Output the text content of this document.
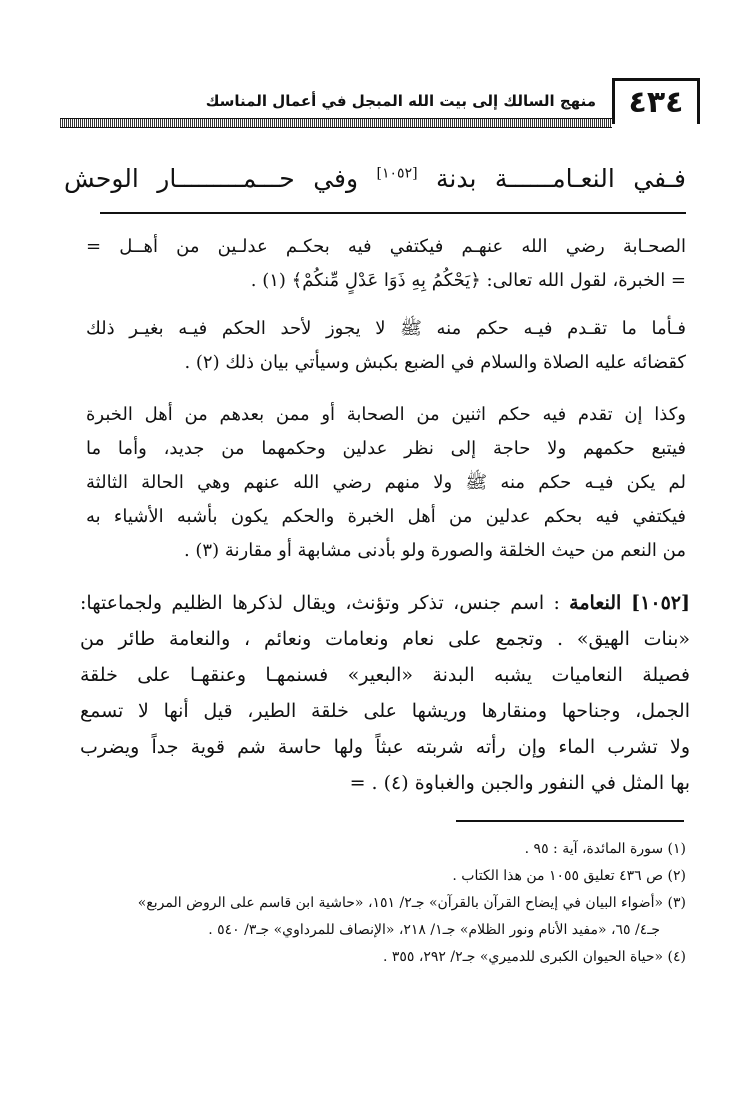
٤٣٤
منهج السالك إلى بيت الله المبجل في أعمال المناسك
فـفي النعـامــــــة بدنة [١٠٥٢] وفي حـــمـــــــــار الوحش
الصحـابة رضي الله عنهـم فيكتفي فيه بحكـم عدلـين من أهــل =
= الخبرة، لقول الله تعالى: ﴿يَحْكُمُ بِهِ ذَوَا عَدْلٍ مِّنكُمْ﴾ (١) .
فـأما ما تقـدم فيـه حكم منه ﷺ لا يجوز لأحد الحكم فيـه بغيـر ذلك
كقضائه عليه الصلاة والسلام في الضبع بكبش وسيأتي بيان ذلك (٢) .
وكذا إن تقدم فيه حكم اثنين من الصحابة أو ممن بعدهم من أهل الخبرة
فيتبع حكمهم ولا حاجة إلى نظر عدلين وحكمهما من جديد، وأما ما
لم يكن فيـه حكم منه ﷺ ولا منهم رضي الله عنهم وهي الحالة الثالثة
فيكتفي فيه بحكم عدلين من أهل الخبرة والحكم يكون بأشبه الأشياء به
من النعم من حيث الخلقة والصورة ولو بأدنى مشابهة أو مقارنة (٣) .
[١٠٥٢] النعامة : اسم جنس، تذكر وتؤنث، ويقال لذكرها الظليم ولجماعتها:
«بنات الهيق» . وتجمع على نعام ونعامات ونعائم ، والنعامة طائر من
فصيلة النعاميات يشبه البدنة «البعير» فسنمهـا وعنقهـا على خلقة
الجمل، وجناحها ومنقارها وريشها على خلقة الطير، قيل أنها لا تسمع
ولا تشرب الماء وإن رأته شربته عبثاً ولها حاسة شم قوية جداً ويضرب
بها المثل في النفور والجبن والغباوة (٤) . =
(١) سورة المائدة، آية : ٩٥ .
(٢) ص ٤٣٦ تعليق ١٠٥٥ من هذا الكتاب .
(٣) «أضواء البيان في إيضاح القرآن بالقرآن» جـ٢/ ١٥١، «حاشية ابن قاسم على الروض المربع»
جـ٤/ ٦٥، «مفيد الأنام ونور الظلام» جـ١/ ٢١٨، «الإنصاف للمرداوي» جـ٣/ ٥٤٠ .
(٤) «حياة الحيوان الكبرى للدميري» جـ٢/ ٢٩٢، ٣٥٥ .
